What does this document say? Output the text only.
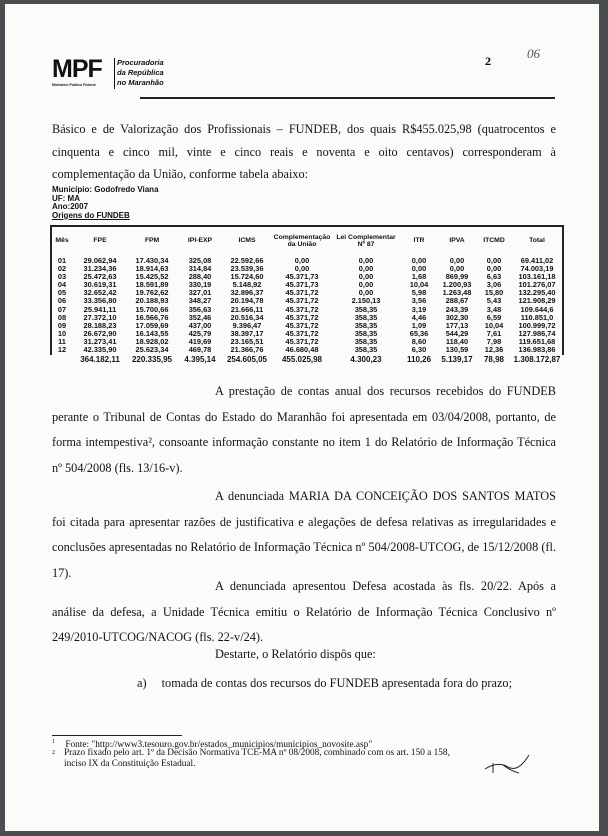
MPF
Ministério Público Federal
Procuradoria
da República
no Maranhão
2	06

Básico e de Valorização dos Profissionais – FUNDEB, dos quais R$455.025,98 (quatrocentos e cinquenta e cinco mil, vinte e cinco reais e noventa e oito centavos) corresponderam à complementação da União, conforme tabela abaixo:

Município: Godofredo Viana
UF: MA
Ano:2007
Origens do FUNDEB
Mês	FPE	FPM	IPI-EXP	ICMS	Complementação da União	Lei Complementar Nº 87	ITR	IPVA	ITCMD	Total
01	29.062,94	17.430,34	325,08	22.592,66	0,00	0,00	0,00	0,00	0,00	69.411,02
02	31.234,36	18.914,63	314,84	23.539,36	0,00	0,00	0,00	0,00	0,00	74.003,19
03	25.472,63	15.425,52	288,40	15.724,60	45.371,73	0,00	1,68	869,99	6,63	103.161,18
04	30.619,31	18.591,89	330,19	5.148,92	45.371,73	0,00	10,04	1.200,93	3,06	101.276,07
05	32.652,42	19.762,62	327,01	32.896,37	45.371,72	0,00	5,98	1.263,48	15,80	132.295,40
06	33.356,80	20.188,93	348,27	20.194,78	45.371,72	2.150,13	3,56	288,67	5,43	121.908,29
07	25.941,11	15.700,66	356,63	21.666,11	45.371,72	358,35	3,19	243,39	3,48	109.644,6
08	27.372,10	16.566,76	352,46	20.516,34	45.371,72	358,35	4,46	302,30	6,59	110.851,0
09	28.188,23	17.059,69	437,00	9.396,47	45.371,72	358,35	1,09	177,13	10,04	100.999,72
10	26.672,90	16.143,55	425,79	38.397,17	45.371,72	358,35	65,36	544,29	7,61	127.986,74
11	31.273,41	18.928,02	419,69	23.165,51	45.371,72	358,35	8,60	118,40	7,98	119.651,68
12	42.335,90	25.623,34	469,78	21.366,76	46.680,48	358,35	6,30	130,59	12,36	136.983,86
	364.182,11	220.335,95	4.395,14	254.605,05	455.025,98	4.300,23	110,26	5.139,17	78,98	1.308.172,87

A prestação de contas anual dos recursos recebidos do FUNDEB perante o Tribunal de Contas do Estado do Maranhão foi apresentada em 03/04/2008, portanto, de forma intempestiva², consoante informação constante no item 1 do Relatório de Informação Técnica nº 504/2008 (fls. 13/16-v).

A denunciada MARIA DA CONCEIÇÃO DOS SANTOS MATOS foi citada para apresentar razões de justificativa e alegações de defesa relativas as irregularidades e conclusões apresentadas no Relatório de Informação Técnica nº 504/2008-UTCOG, de 15/12/2008 (fl. 17).

A denunciada apresentou Defesa acostada às fls. 20/22. Após a análise da defesa, a Unidade Técnica emitiu o Relatório de Informação Técnica Conclusivo nº 249/2010-UTCOG/NACOG (fls. 22-v/24).

Destarte, o Relatório dispôs que:

a) tomada de contas dos recursos do FUNDEB apresentada fora do prazo;
$^1$ Fonte: "http://www3.tesouro.gov.br/estados_municipios/municipios_novosite.asp"
2 Prazo fixado pelo art. 1º da Decisão Normativa TCE-MA nº 08/2008, combinado com os art. 150 a 158, inciso IX da Constituição Estadual.
